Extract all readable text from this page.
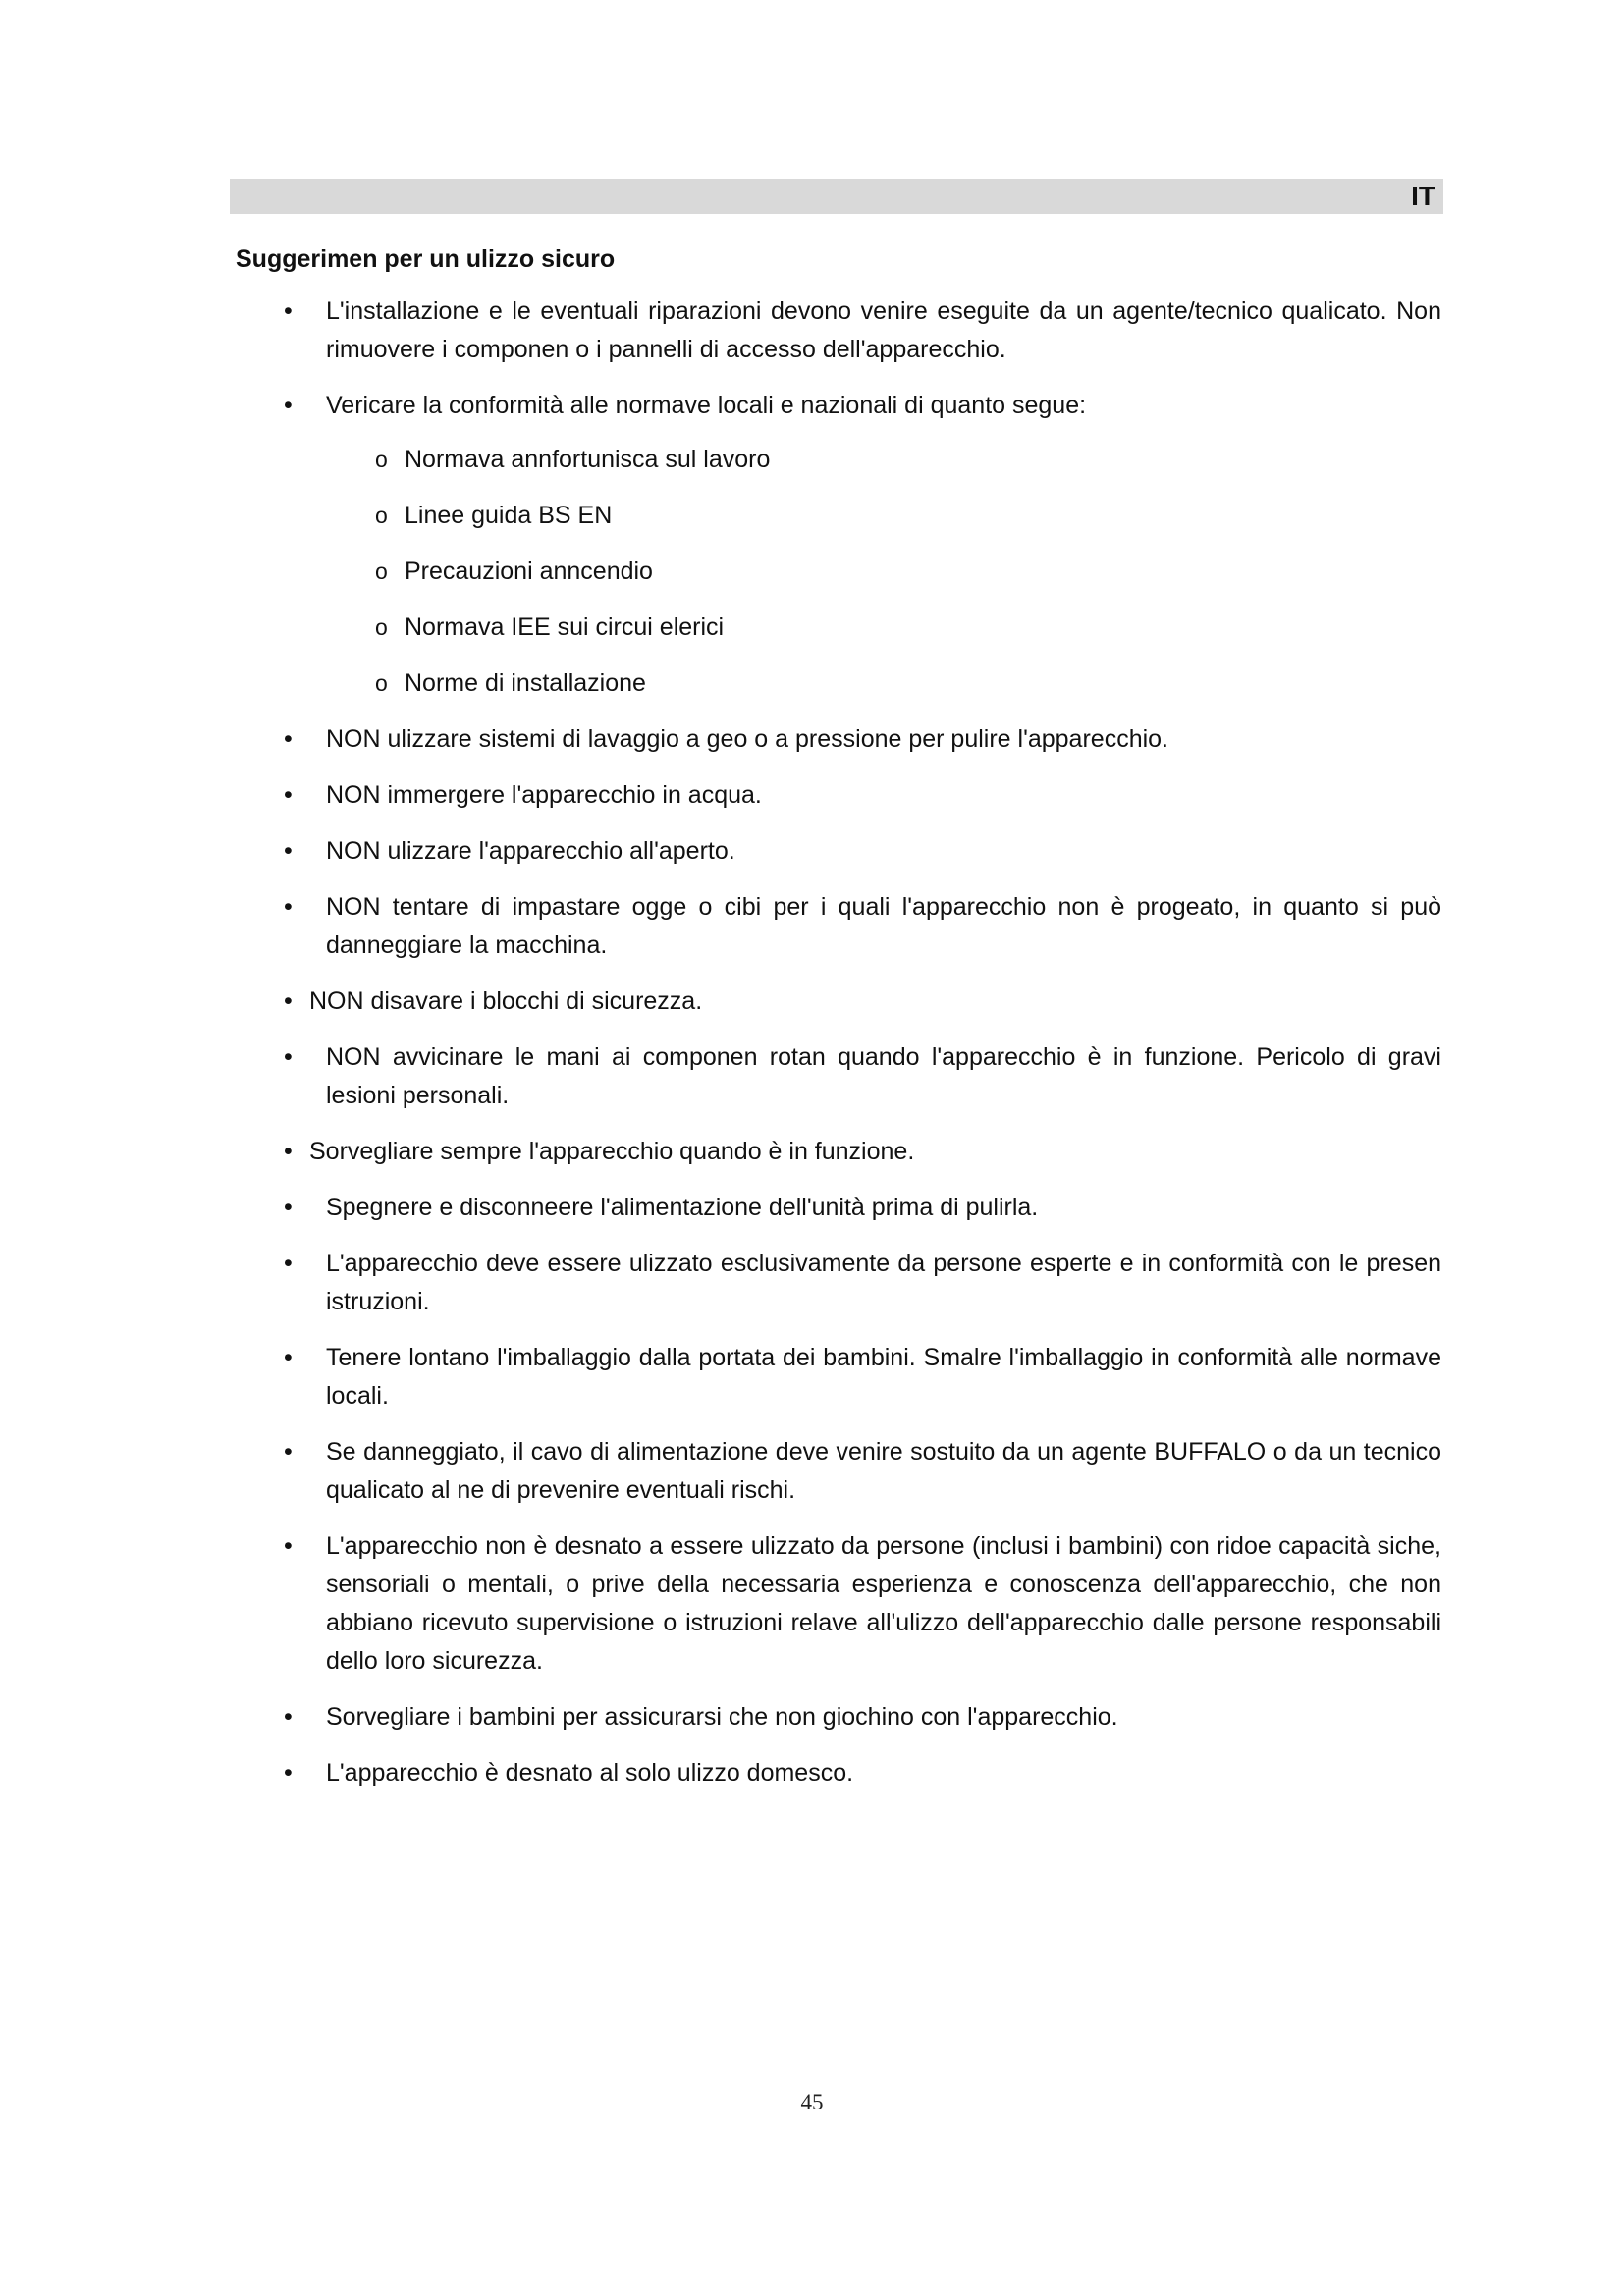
IT
Suggerimen per un ulizzo sicuro
• L'installazione e le eventuali riparazioni devono venire eseguite da un agente/tecnico qualicato. Non rimuovere i componen o i pannelli di accesso dell'apparecchio.
• Vericare la conformità alle normave locali e nazionali di quanto segue:
o Normava annfortunisca sul lavoro
o Linee guida BS EN
o Precauzioni anncendio
o Normava IEE sui circui elerici
o Norme di installazione
• NON ulizzare sistemi di lavaggio a geo o a pressione per pulire l'apparecchio.
• NON immergere l'apparecchio in acqua.
• NON ulizzare l'apparecchio all'aperto.
• NON tentare di impastare ogge o cibi per i quali l'apparecchio non è progeato, in quanto si può danneggiare la macchina.
• NON disavare i blocchi di sicurezza.
• NON avvicinare le mani ai componen rotan quando l'apparecchio è in funzione. Pericolo di gravi lesioni personali.
• Sorvegliare sempre l'apparecchio quando è in funzione.
• Spegnere e disconneere l'alimentazione dell'unità prima di pulirla.
• L'apparecchio deve essere ulizzato esclusivamente da persone esperte e in conformità con le presen istruzioni.
• Tenere lontano l'imballaggio dalla portata dei bambini. Smalre l'imballaggio in conformità alle normave locali.
• Se danneggiato, il cavo di alimentazione deve venire sostuito da un agente BUFFALO o da un tecnico qualicato al ne di prevenire eventuali rischi.
• L'apparecchio non è desnato a essere ulizzato da persone (inclusi i bambini) con ridoe capacità siche, sensoriali o mentali, o prive della necessaria esperienza e conoscenza dell'apparecchio, che non abbiano ricevuto supervisione o istruzioni relave all'ulizzo dell'apparecchio dalle persone responsabili dello loro sicurezza.
• Sorvegliare i bambini per assicurarsi che non giochino con l'apparecchio.
• L'apparecchio è desnato al solo ulizzo domesco.
45
